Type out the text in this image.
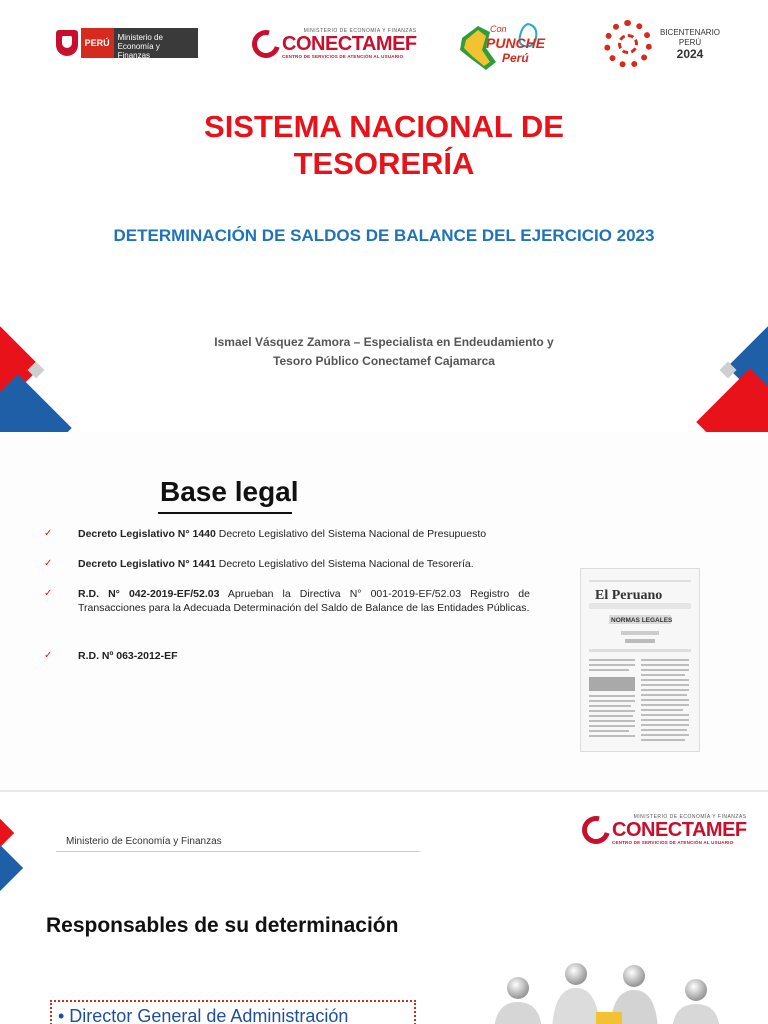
PERÚ
Ministerio de Economía y Finanzas
MINISTERIO DE ECONOMÍA Y FINANZAS
CONECTAMEF
CENTRO DE SERVICIOS DE ATENCIÓN AL USUARIO
Con
PUNCHE
Perú
BICENTENARIO
PERÚ
2024
SISTEMA NACIONAL DE
TESORERÍA
DETERMINACIÓN DE SALDOS DE BALANCE DEL EJERCICIO 2023
Ismael Vásquez Zamora – Especialista en Endeudamiento y
Tesoro Público Conectamef Cajamarca
Base legal
✓ Decreto Legislativo N° 1440 Decreto Legislativo del Sistema Nacional de Presupuesto
✓ Decreto Legislativo N° 1441 Decreto Legislativo del Sistema Nacional de Tesorería.
✓ R.D. N° 042-2019-EF/52.03 Aprueban la Directiva N° 001-2019-EF/52.03 Registro de Transacciones para la Adecuada Determinación del Saldo de Balance de las Entidades Públicas.
✓ R.D. Nº 063-2012-EF
El Peruano
NORMAS LEGALES
Ministerio de Economía y Finanzas
MINISTERIO DE ECONOMÍA Y FINANZAS
CONECTAMEF
CENTRO DE SERVICIOS DE ATENCIÓN AL USUARIO
Responsables de su determinación
• Director General de Administración
